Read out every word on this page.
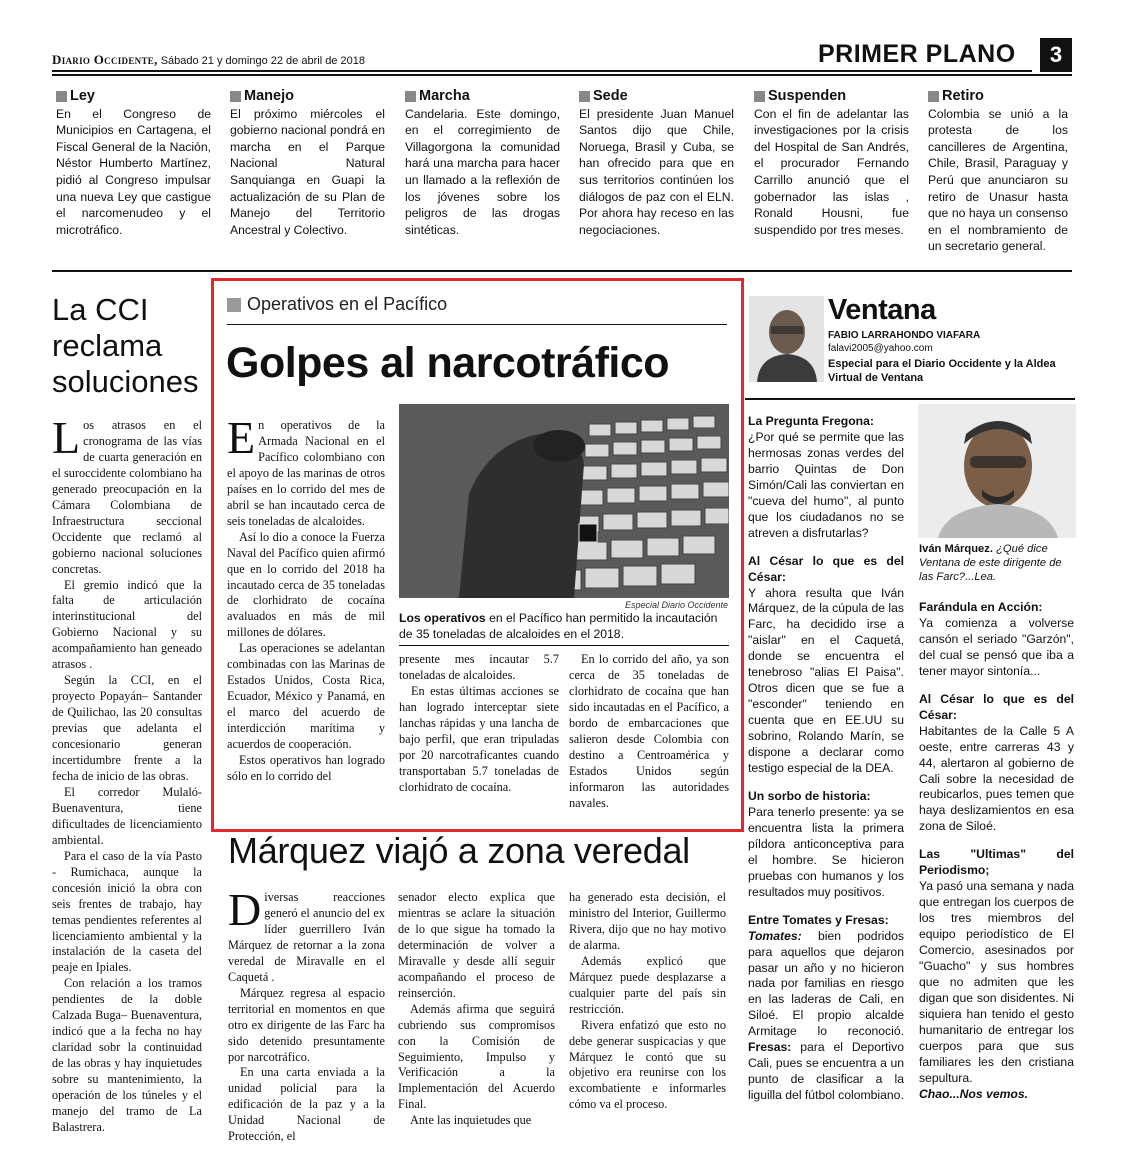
Diario Occidente, Sábado 21 y domingo 22 de abril de 2018	PRIMER PLANO	3
Ley
En el Congreso de Municipios en Cartagena, el Fiscal General de la Nación, Néstor Humberto Martínez, pidió al Congreso impulsar una nueva Ley que castigue el narcomenudeo y el microtráfico.
Manejo
El próximo miércoles el gobierno nacional pondrá en marcha en el Parque Nacional Natural Sanquianga en Guapi la actualización de su Plan de Manejo del Territorio Ancestral y Colectivo.
Marcha
Candelaria. Este domingo, en el corregimiento de Villagorgona la comunidad hará una marcha para hacer un llamado a la reflexión de los jóvenes sobre los peligros de las drogas sintéticas.
Sede
El presidente Juan Manuel Santos dijo que Chile, Noruega, Brasil y Cuba, se han ofrecido para que en sus territorios continúen los diálogos de paz con el ELN. Por ahora hay receso en las negociaciones.
Suspenden
Con el fin de adelantar las investigaciones por la crisis del Hospital de San Andrés, el procurador Fernando Carrillo anunció que el gobernador las islas , Ronald Housni, fue suspendido por tres meses.
Retiro
Colombia se unió a la protesta de los cancilleres de Argentina, Chile, Brasil, Paraguay y Perú que anunciaron su retiro de Unasur hasta que no haya un consenso en el nombramiento de un secretario general.
La CCI reclama soluciones

Los atrasos en el cronograma de las vías de cuarta generación en el suroccidente colombiano ha generado preocupación en la Cámara Colombiana de Infraestructura seccional Occidente que reclamó al gobierno nacional soluciones concretas.

El gremio indicó que la falta de articulación interinstitucional del Gobierno Nacional y su acompañamiento han geneado atrasos .

Según la CCI, en el proyecto Popayán– Santander de Quilichao, las 20 consultas previas que adelanta el concesionario generan incertidumbre frente a la fecha de inicio de las obras.

El corredor Mulaló- Buenaventura, tiene dificultades de licenciamiento ambiental.

Para el caso de la vía Pasto - Rumichaca, aunque la concesión inició la obra con seis frentes de trabajo, hay temas pendientes referentes al licenciamiento ambiental y la instalación de la caseta del peaje en Ipiales.

Con relación a los tramos pendientes de la doble Calzada Buga– Buenaventura, indicó que a la fecha no hay claridad sobr la continuidad de las obras y hay inquietudes sobre su mantenimiento, la operación de los túneles y el manejo del tramo de La Balastrera.

Operativos en el Pacífico
Golpes al narcotráfico

En operativos de la Armada Nacional en el Pacífico colombiano con el apoyo de las marinas de otros países en lo corrido del mes de abril se han incautado cerca de seis toneladas de alcaloides.

Así lo dio a conoce la Fuerza Naval del Pacífico quien afirmó que en lo corrido del 2018 ha incautado cerca de 35 toneladas de clorhidrato de cocaína avaluados en más de mil millones de dólares.

Las operaciones se adelantan combinadas con las Marinas de Estados Unidos, Costa Rica, Ecuador, México y Panamá, en el marco del acuerdo de interdicción marítima y acuerdos de cooperación.

Estos operativos han logrado sólo en lo corrido del

Especial Diario Occidente
Los operativos en el Pacífico han permitido la incautación de 35 toneladas de alcaloides en el 2018.

presente mes incautar 5.7 toneladas de alcaloides.

En estas últimas acciones se han logrado interceptar siete lanchas rápidas y una lancha de bajo perfil, que eran tripuladas por 20 narcotraficantes cuando transportaban 5.7 toneladas de clorhidrato de cocaína.

En lo corrido del año, ya son cerca de 35 toneladas de clorhidrato de cocaína que han sido incautadas en el Pacífico, a bordo de embarcaciones que salieron desde Colombia con destino a Centroamérica y Estados Unidos según informaron las autoridades navales.

Márquez viajó a zona veredal

Diversas reacciones generó el anuncio del ex líder guerrillero Iván Márquez de retornar a la zona veredal de Miravalle en el Caquetá .

Márquez regresa al espacio territorial en momentos en que otro ex dirigente de las Farc ha sido detenido presuntamente por narcotráfico.

En una carta enviada a la unidad policial para la edificación de la paz y a la Unidad Nacional de Protección, el

senador electo explica que mientras se aclare la situación de lo que sigue ha tomado la determinación de volver a Miravalle y desde allí seguir acompañando el proceso de reinserción.

Además afirma que seguirá cubriendo sus compromisos con la Comisión de Seguimiento, Impulso y Verificación a la Implementación del Acuerdo Final.

Ante las inquietudes que

ha generado esta decisión, el ministro del Interior, Guillermo Rivera, dijo que no hay motivo de alarma.

Además explicó que Márquez puede desplazarse a cualquier parte del país sin restricción.

Rivera enfatizó que esto no debe generar suspicacias y que Márquez le contó que su objetivo era reunirse con los excombatiente e informarles cómo va el proceso.

Ventana
FABIO LARRAHONDO VIAFARA
falavi2005@yahoo.com
Especial para el Diario Occidente y la Aldea Virtual de Ventana
La Pregunta Fregona:
¿Por qué se permite que las hermosas zonas verdes del barrio Quintas de Don Simón/Cali las conviertan en "cueva del humo", al punto que los ciudadanos no se atreven a disfrutarlas?
Al César lo que es del César:
Y ahora resulta que Iván Márquez, de la cúpula de las Farc, ha decidido irse a "aislar" en el Caquetá, donde se encuentra el tenebroso "alias El Paisa". Otros dicen que se fue a "esconder" teniendo en cuenta que en EE.UU su sobrino, Rolando Marín, se dispone a declarar como testigo especial de la DEA.
Un sorbo de historia:
Para tenerlo presente: ya se encuentra lista la primera píldora anticonceptiva para el hombre. Se hicieron pruebas con humanos y los resultados muy positivos.
Entre Tomates y Fresas:
Tomates: bien podridos para aquellos que dejaron pasar un año y no hicieron nada por familias en riesgo en las laderas de Cali, en Siloé. El propio alcalde Armitage lo reconoció. Fresas: para el Deportivo Cali, pues se encuentra a un punto de clasificar a la liguilla del fútbol colombiano.
Iván Márquez. ¿Qué dice Ventana de este dirigente de las Farc?...Lea.
Farándula en Acción:
Ya comienza a volverse cansón el seriado "Garzón", del cual se pensó que iba a tener mayor sintonía...
Al César lo que es del César:
Habitantes de la Calle 5 A oeste, entre carreras 43 y 44, alertaron al gobierno de Cali sobre la necesidad de reubicarlos, pues temen que haya deslizamientos en esa zona de Siloé.
Las "Ultimas" del Periodismo;
Ya pasó una semana y nada que entregan los cuerpos de los tres miembros del equipo periodístico de El Comercio, asesinados por "Guacho" y sus hombres que no admiten que les digan que son disidentes. Ni siquiera han tenido el gesto humanitario de entregar los cuerpos para que sus familiares les den cristiana sepultura.
Chao...Nos vemos.
